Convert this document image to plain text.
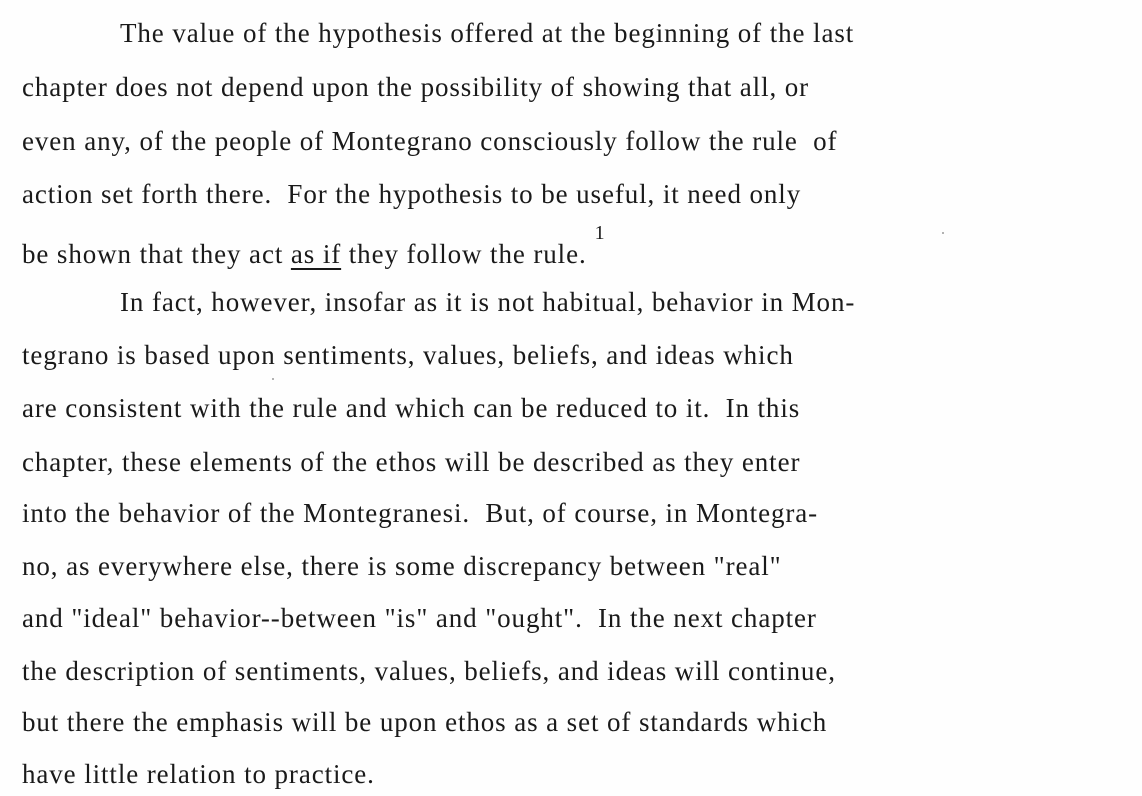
The value of the hypothesis offered at the beginning of the last
chapter does not depend upon the possibility of showing that all, or
even any, of the people of Montegrano consciously follow the rule  of
action set forth there.  For the hypothesis to be useful, it need only
be shown that they act as if they follow the rule.$^1$
In fact, however, insofar as it is not habitual, behavior in Mon-
tegrano is based upon sentiments, values, beliefs, and ideas which
are consistent with the rule and which can be reduced to it.  In this
chapter, these elements of the ethos will be described as they enter
into the behavior of the Montegranesi.  But, of course, in Montegra-
no, as everywhere else, there is some discrepancy between "real"
and "ideal" behavior--between "is" and "ought".  In the next chapter
the description of sentiments, values, beliefs, and ideas will continue,
but there the emphasis will be upon ethos as a set of standards which
have little relation to practice.
